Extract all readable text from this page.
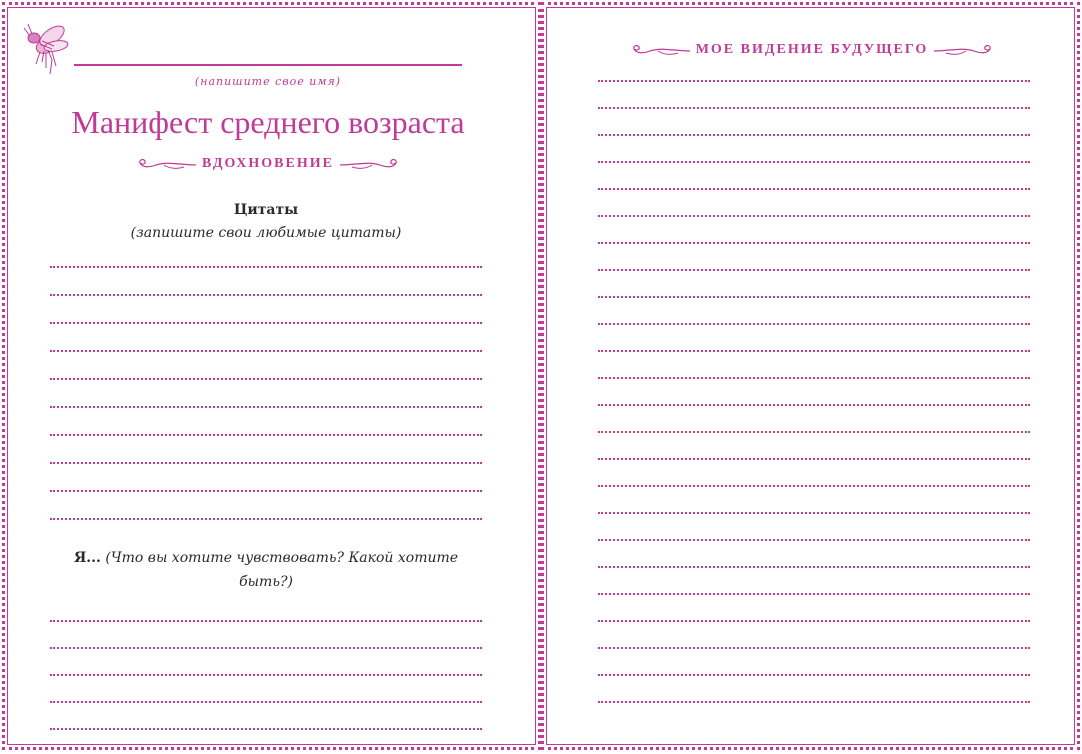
(напишите свое имя)
Манифест среднего возраста
ВДОХНОВЕНИЕ
Цитаты
(запишите свои любимые цитаты)
Я... (Что вы хотите чувствовать? Какой хотите быть?)
МОЕ ВИДЕНИЕ БУДУЩЕГО
